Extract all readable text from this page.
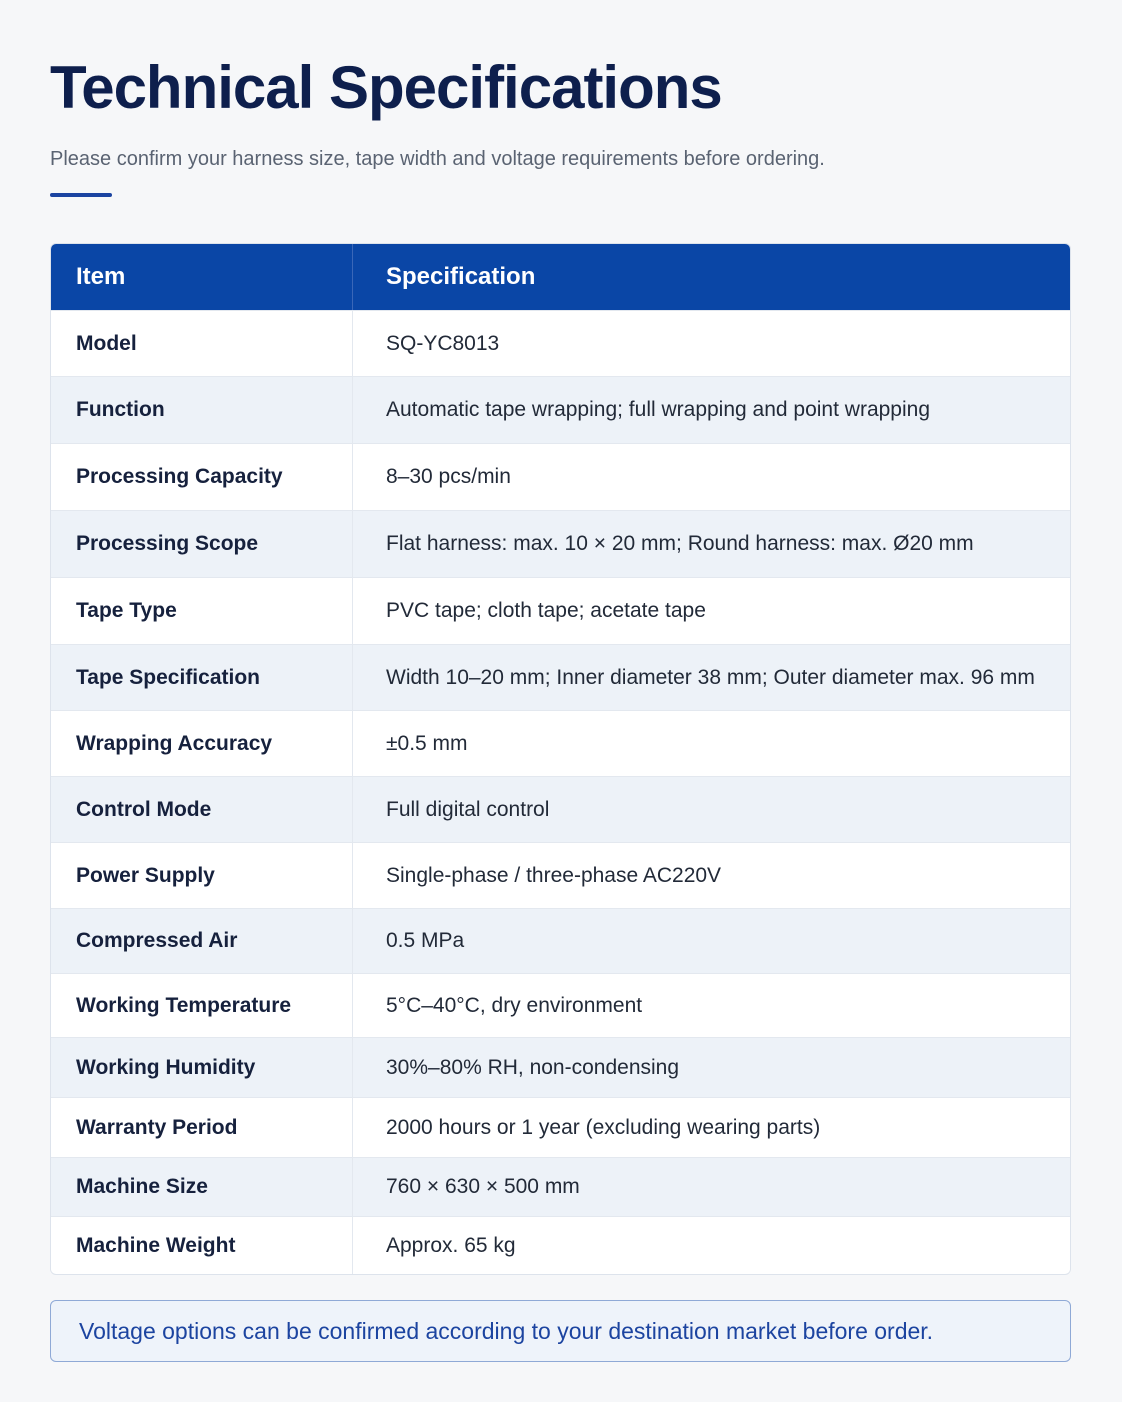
Technical Specifications

Please confirm your harness size, tape width and voltage requirements before ordering.

Item	Specification
Model	SQ-YC8013
Function	Automatic tape wrapping; full wrapping and point wrapping
Processing Capacity	8–30 pcs/min
Processing Scope	Flat harness: max. 10 × 20 mm; Round harness: max. Ø20 mm
Tape Type	PVC tape; cloth tape; acetate tape
Tape Specification	Width 10–20 mm; Inner diameter 38 mm; Outer diameter max. 96 mm
Wrapping Accuracy	±0.5 mm
Control Mode	Full digital control
Power Supply	Single-phase / three-phase AC220V
Compressed Air	0.5 MPa
Working Temperature	5°C–40°C, dry environment
Working Humidity	30%–80% RH, non-condensing
Warranty Period	2000 hours or 1 year (excluding wearing parts)
Machine Size	760 × 630 × 500 mm
Machine Weight	Approx. 65 kg
Voltage options can be confirmed according to your destination market before order.
